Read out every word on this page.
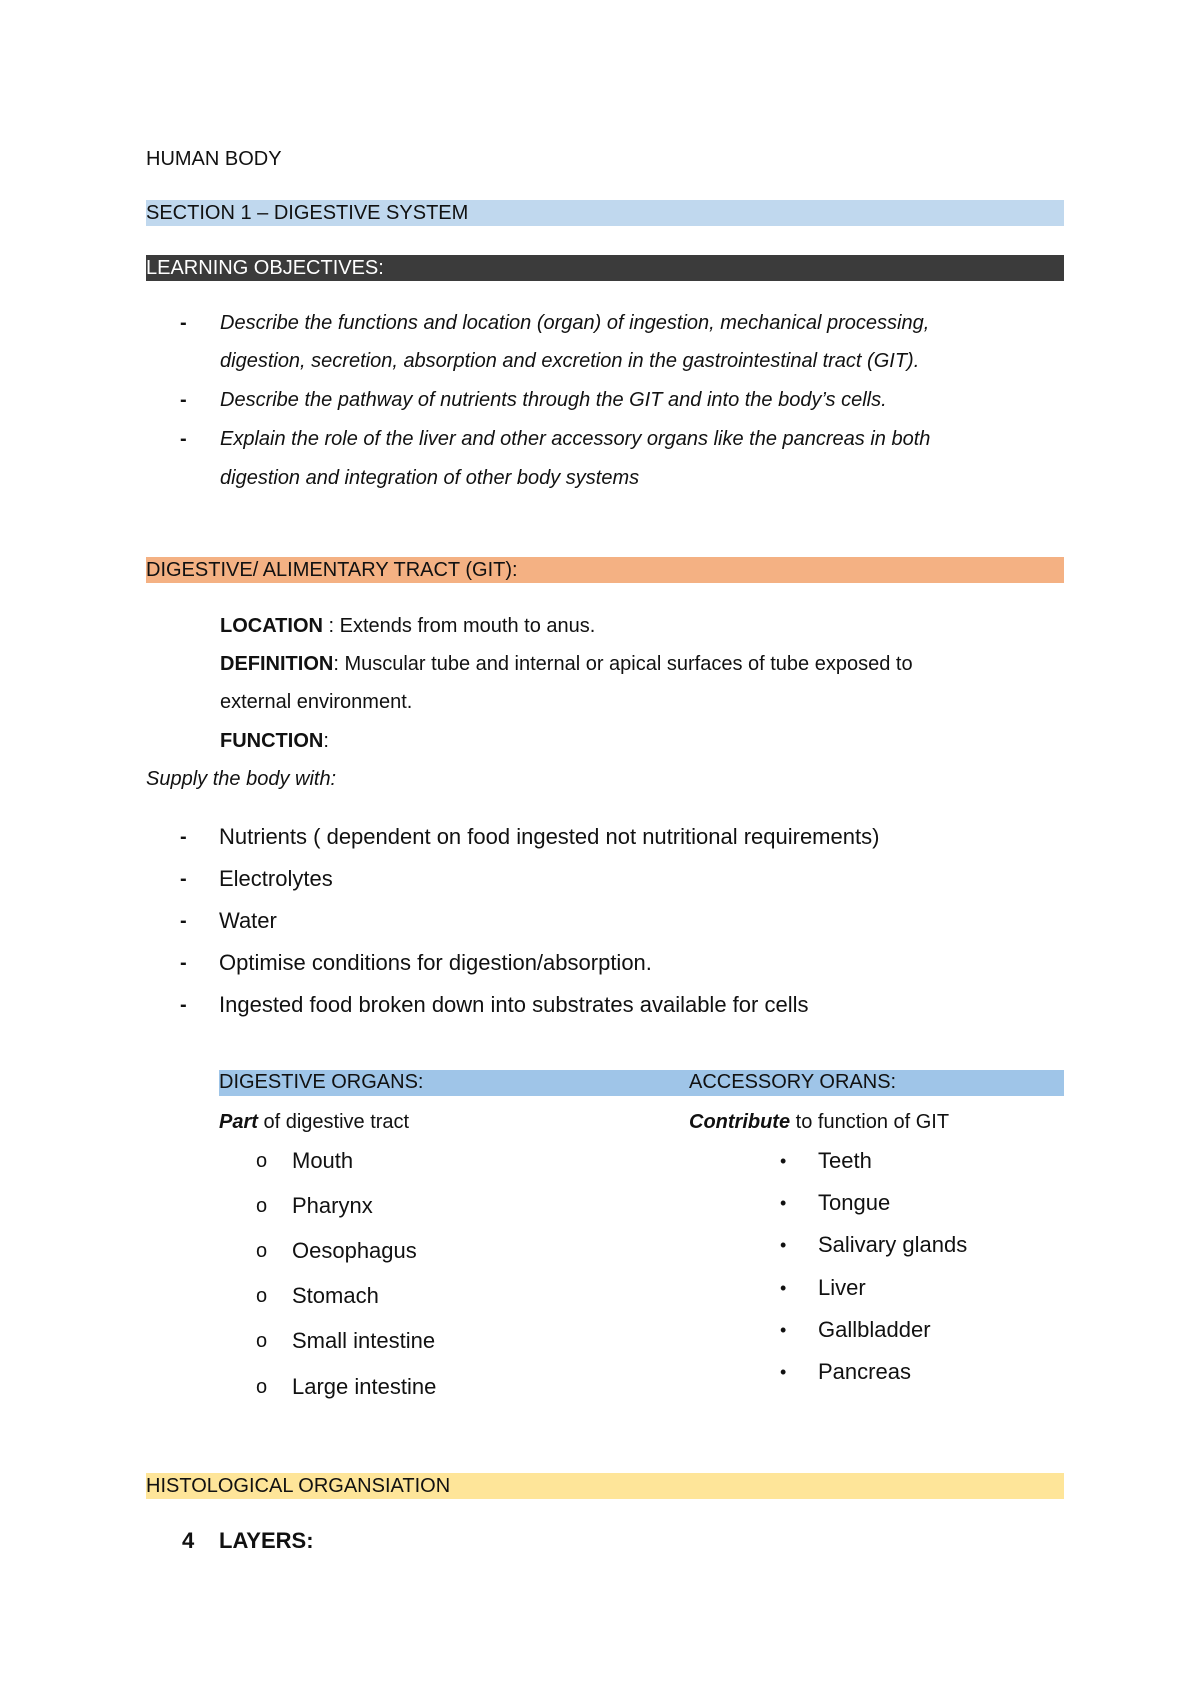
HUMAN BODY
SECTION 1 – DIGESTIVE SYSTEM
LEARNING OBJECTIVES:
- Describe the functions and location (organ) of ingestion, mechanical processing,
digestion, secretion, absorption and excretion in the gastrointestinal tract (GIT).
- Describe the pathway of nutrients through the GIT and into the body’s cells.
- Explain the role of the liver and other accessory organs like the pancreas in both
digestion and integration of other body systems
DIGESTIVE/ ALIMENTARY TRACT (GIT):
LOCATION : Extends from mouth to anus.
DEFINITION: Muscular tube and internal or apical surfaces of tube exposed to
external environment.
FUNCTION:
Supply the body with:
- Nutrients ( dependent on food ingested not nutritional requirements)
- Electrolytes
- Water
- Optimise conditions for digestion/absorption.
- Ingested food broken down into substrates available for cells
DIGESTIVE ORGANS:	ACCESSORY ORANS:
Part of digestive tract	Contribute to function of GIT
o Mouth
o Pharynx
o Oesophagus
o Stomach
o Small intestine
o Large intestine
• Teeth
• Tongue
• Salivary glands
• Liver
• Gallbladder
• Pancreas
HISTOLOGICAL ORGANSIATION
4 LAYERS:
